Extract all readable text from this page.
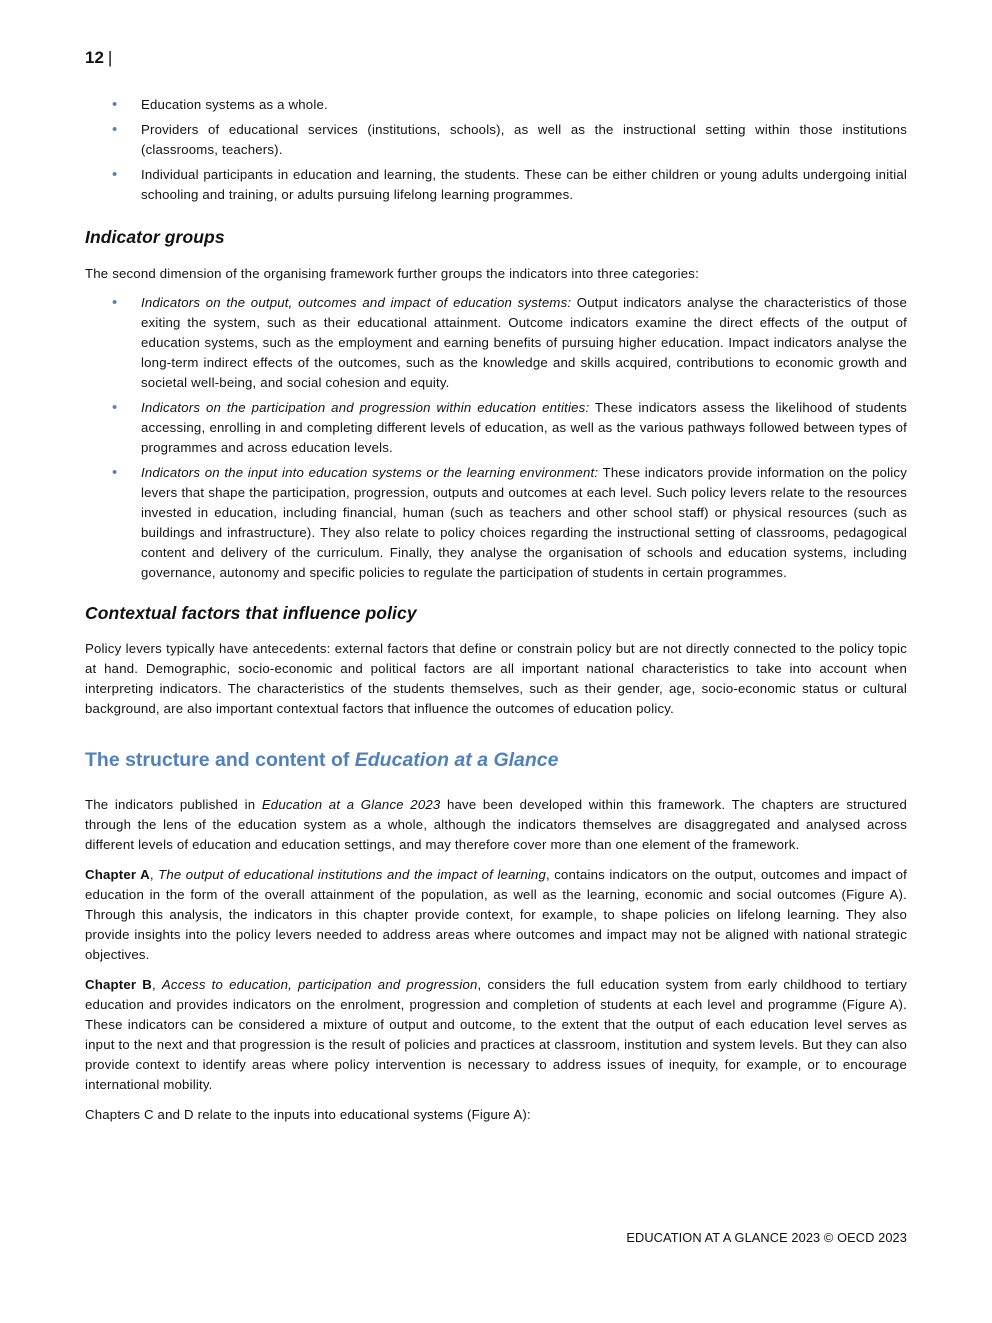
12 |
• Education systems as a whole.
• Providers of educational services (institutions, schools), as well as the instructional setting within those institutions (classrooms, teachers).
• Individual participants in education and learning, the students. These can be either children or young adults undergoing initial schooling and training, or adults pursuing lifelong learning programmes.
Indicator groups

The second dimension of the organising framework further groups the indicators into three categories:

• Indicators on the output, outcomes and impact of education systems: Output indicators analyse the characteristics of those exiting the system, such as their educational attainment. Outcome indicators examine the direct effects of the output of education systems, such as the employment and earning benefits of pursuing higher education. Impact indicators analyse the long-term indirect effects of the outcomes, such as the knowledge and skills acquired, contributions to economic growth and societal well-being, and social cohesion and equity.
• Indicators on the participation and progression within education entities: These indicators assess the likelihood of students accessing, enrolling in and completing different levels of education, as well as the various pathways followed between types of programmes and across education levels.
• Indicators on the input into education systems or the learning environment: These indicators provide information on the policy levers that shape the participation, progression, outputs and outcomes at each level. Such policy levers relate to the resources invested in education, including financial, human (such as teachers and other school staff) or physical resources (such as buildings and infrastructure). They also relate to policy choices regarding the instructional setting of classrooms, pedagogical content and delivery of the curriculum. Finally, they analyse the organisation of schools and education systems, including governance, autonomy and specific policies to regulate the participation of students in certain programmes.
Contextual factors that influence policy

Policy levers typically have antecedents: external factors that define or constrain policy but are not directly connected to the policy topic at hand. Demographic, socio-economic and political factors are all important national characteristics to take into account when interpreting indicators. The characteristics of the students themselves, such as their gender, age, socio-economic status or cultural background, are also important contextual factors that influence the outcomes of education policy.

The structure and content of Education at a Glance

The indicators published in Education at a Glance 2023 have been developed within this framework. The chapters are structured through the lens of the education system as a whole, although the indicators themselves are disaggregated and analysed across different levels of education and education settings, and may therefore cover more than one element of the framework.

Chapter A, The output of educational institutions and the impact of learning, contains indicators on the output, outcomes and impact of education in the form of the overall attainment of the population, as well as the learning, economic and social outcomes (Figure A). Through this analysis, the indicators in this chapter provide context, for example, to shape policies on lifelong learning. They also provide insights into the policy levers needed to address areas where outcomes and impact may not be aligned with national strategic objectives.

Chapter B, Access to education, participation and progression, considers the full education system from early childhood to tertiary education and provides indicators on the enrolment, progression and completion of students at each level and programme (Figure A). These indicators can be considered a mixture of output and outcome, to the extent that the output of each education level serves as input to the next and that progression is the result of policies and practices at classroom, institution and system levels. But they can also provide context to identify areas where policy intervention is necessary to address issues of inequity, for example, or to encourage international mobility.

Chapters C and D relate to the inputs into educational systems (Figure A):

EDUCATION AT A GLANCE 2023 © OECD 2023
